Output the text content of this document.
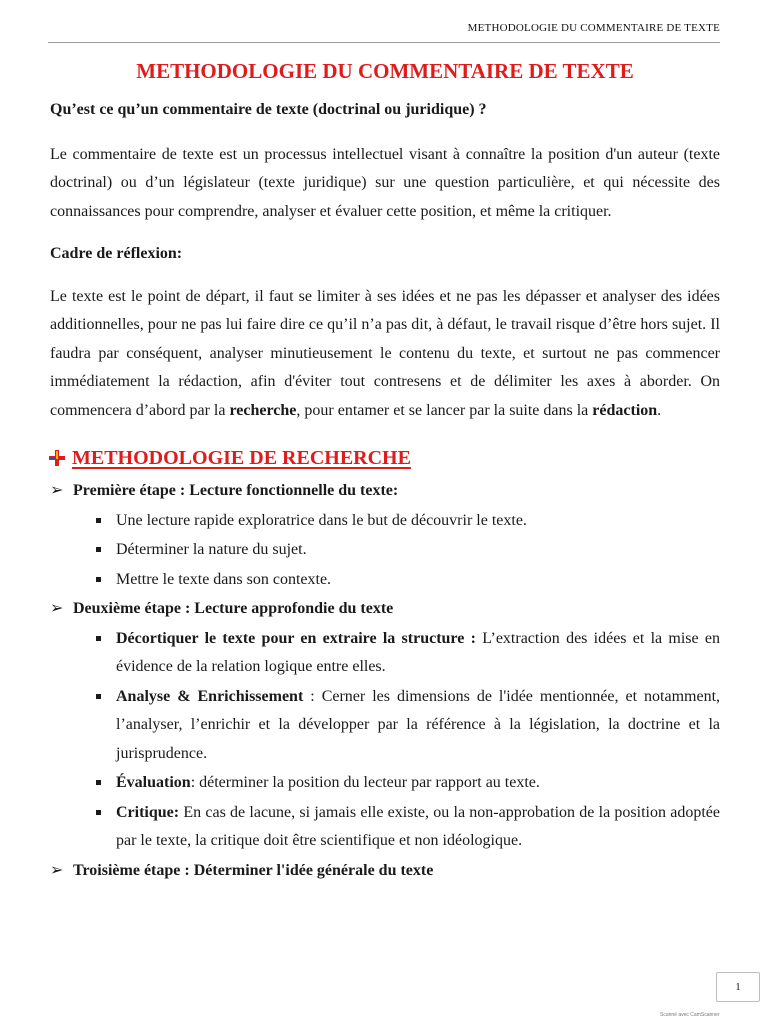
METHODOLOGIE DU COMMENTAIRE DE TEXTE
METHODOLOGIE DU COMMENTAIRE DE TEXTE

Qu’est ce qu’un commentaire de texte (doctrinal ou juridique) ?

Le commentaire de texte est un processus intellectuel visant à connaître la position d'un auteur (texte doctrinal) ou d’un législateur (texte juridique) sur une question particulière, et qui nécessite des connaissances pour comprendre, analyser et évaluer cette position, et même la critiquer.

Cadre de réflexion:

Le texte est le point de départ, il faut se limiter à ses idées et ne pas les dépasser et analyser des idées additionnelles, pour ne pas lui faire dire ce qu’il n’a pas dit, à défaut, le travail risque d’être hors sujet. Il faudra par conséquent, analyser minutieusement le contenu du texte, et surtout ne pas commencer immédiatement la rédaction, afin d'éviter tout contresens et de délimiter les axes à aborder. On commencera d’abord par la recherche, pour entamer et se lancer par la suite dans la rédaction.

METHODOLOGIE DE RECHERCHE
➢ Première étape : Lecture fonctionnelle du texte:
Une lecture rapide exploratrice dans le but de découvrir le texte.
Déterminer la nature du sujet.
Mettre le texte dans son contexte.
➢ Deuxième étape : Lecture approfondie du texte
Décortiquer le texte pour en extraire la structure : L’extraction des idées et la mise en évidence de la relation logique entre elles.
Analyse & Enrichissement : Cerner les dimensions de l'idée mentionnée, et notamment, l’analyser, l’enrichir et la développer par la référence à la législation, la doctrine et la jurisprudence.
Évaluation: déterminer la position du lecteur par rapport au texte.
Critique: En cas de lacune, si jamais elle existe, ou la non-approbation de la position adoptée par le texte, la critique doit être scientifique et non idéologique.
➢ Troisième étape : Déterminer l'idée générale du texte
1
Scanné avec CamScanner
